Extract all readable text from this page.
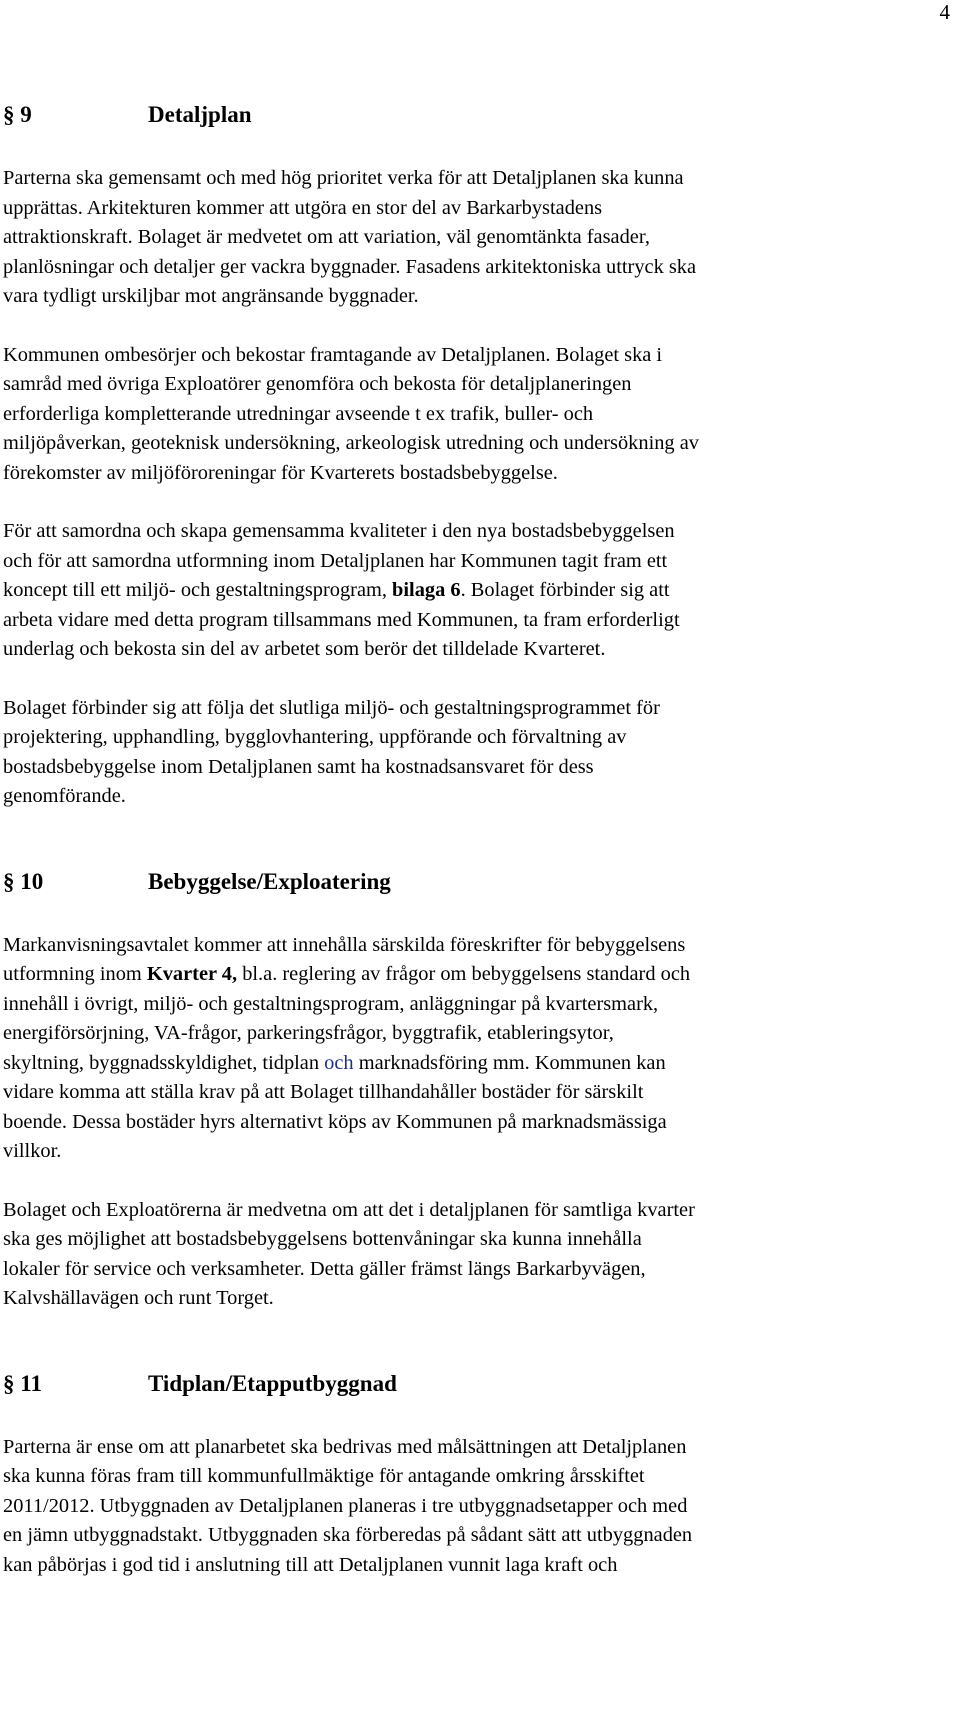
4
§ 9	Detaljplan

Parterna ska gemensamt och med hög prioritet verka för att Detaljplanen ska kunna
upprättas. Arkitekturen kommer att utgöra en stor del av Barkarbystadens
attraktionskraft. Bolaget är medvetet om att variation, väl genomtänkta fasader,
planlösningar och detaljer ger vackra byggnader. Fasadens arkitektoniska uttryck ska
vara tydligt urskiljbar mot angränsande byggnader.

Kommunen ombesörjer och bekostar framtagande av Detaljplanen. Bolaget ska i
samråd med övriga Exploatörer genomföra och bekosta för detaljplaneringen
erforderliga kompletterande utredningar avseende t ex trafik, buller- och
miljöpåverkan, geoteknisk undersökning, arkeologisk utredning och undersökning av
förekomster av miljöföroreningar för Kvarterets bostadsbebyggelse.

För att samordna och skapa gemensamma kvaliteter i den nya bostadsbebyggelsen
och för att samordna utformning inom Detaljplanen har Kommunen tagit fram ett
koncept till ett miljö- och gestaltningsprogram, bilaga 6. Bolaget förbinder sig att
arbeta vidare med detta program tillsammans med Kommunen, ta fram erforderligt
underlag och bekosta sin del av arbetet som berör det tilldelade Kvarteret.

Bolaget förbinder sig att följa det slutliga miljö- och gestaltningsprogrammet för
projektering, upphandling, bygglovhantering, uppförande och förvaltning av
bostadsbebyggelse inom Detaljplanen samt ha kostnadsansvaret för dess
genomförande.

§ 10	Bebyggelse/Exploatering

Markanvisningsavtalet kommer att innehålla särskilda föreskrifter för bebyggelsens
utformning inom Kvarter 4, bl.a. reglering av frågor om bebyggelsens standard och
innehåll i övrigt, miljö- och gestaltningsprogram, anläggningar på kvartersmark,
energiförsörjning, VA-frågor, parkeringsfrågor, byggtrafik, etableringsytor,
skyltning, byggnadsskyldighet, tidplan och marknadsföring mm. Kommunen kan
vidare komma att ställa krav på att Bolaget tillhandahåller bostäder för särskilt
boende. Dessa bostäder hyrs alternativt köps av Kommunen på marknadsmässiga
villkor.

Bolaget och Exploatörerna är medvetna om att det i detaljplanen för samtliga kvarter
ska ges möjlighet att bostadsbebyggelsens bottenvåningar ska kunna innehålla
lokaler för service och verksamheter. Detta gäller främst längs Barkarbyvägen,
Kalvshällavägen och runt Torget.

§ 11	Tidplan/Etapputbyggnad

Parterna är ense om att planarbetet ska bedrivas med målsättningen att Detaljplanen
ska kunna föras fram till kommunfullmäktige för antagande omkring årsskiftet
2011/2012. Utbyggnaden av Detaljplanen planeras i tre utbyggnadsetapper och med
en jämn utbyggnadstakt. Utbyggnaden ska förberedas på sådant sätt att utbyggnaden
kan påbörjas i god tid i anslutning till att Detaljplanen vunnit laga kraft och
